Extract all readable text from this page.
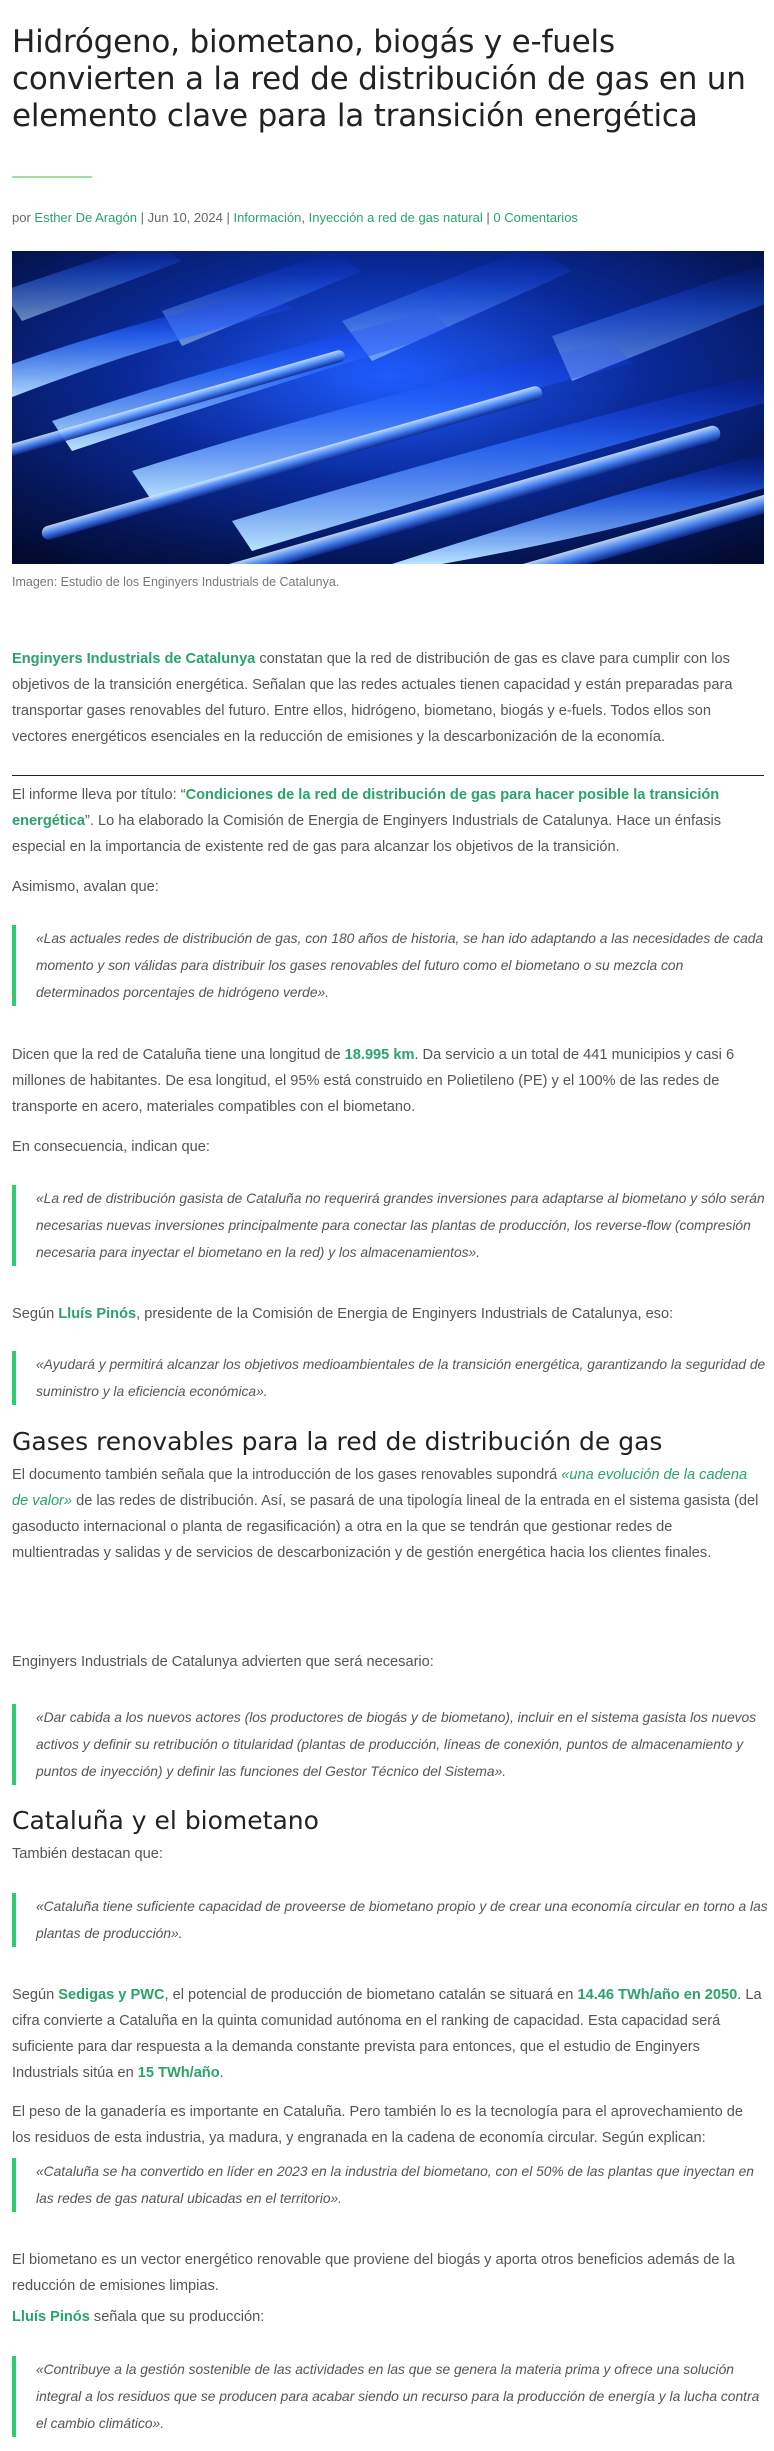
Hidrógeno, biometano, biogás y e-fuels convierten a la red de distribución de gas en un elemento clave para la transición energética
por Esther De Aragón | Jun 10, 2024 | Información, Inyección a red de gas natural | 0 Comentarios
Imagen: Estudio de los Enginyers Industrials de Catalunya.

Enginyers Industrials de Catalunya constatan que la red de distribución de gas es clave para cumplir con los objetivos de la transición energética. Señalan que las redes actuales tienen capacidad y están preparadas para transportar gases renovables del futuro. Entre ellos, hidrógeno, biometano, biogás y e-fuels. Todos ellos son vectores energéticos esenciales en la reducción de emisiones y la descarbonización de la economía.

El informe lleva por título: “Condiciones de la red de distribución de gas para hacer posible la transición energética”. Lo ha elaborado la Comisión de Energia de Enginyers Industrials de Catalunya. Hace un énfasis especial en la importancia de existente red de gas para alcanzar los objetivos de la transición.

Asimismo, avalan que:

«Las actuales redes de distribución de gas, con 180 años de historia, se han ido adaptando a las necesidades de cada momento y son válidas para distribuir los gases renovables del futuro como el biometano o su mezcla con determinados porcentajes de hidrógeno verde».

Dicen que la red de Cataluña tiene una longitud de 18.995 km. Da servicio a un total de 441 municipios y casi 6 millones de habitantes. De esa longitud, el 95% está construido en Polietileno (PE) y el 100% de las redes de transporte en acero, materiales compatibles con el biometano.

En consecuencia, indican que:

«La red de distribución gasista de Cataluña no requerirá grandes inversiones para adaptarse al biometano y sólo serán necesarias nuevas inversiones principalmente para conectar las plantas de producción, los reverse-flow (compresión necesaria para inyectar el biometano en la red) y los almacenamientos».

Según Lluís Pinós, presidente de la Comisión de Energia de Enginyers Industrials de Catalunya, eso:

«Ayudará y permitirá alcanzar los objetivos medioambientales de la transición energética, garantizando la seguridad de suministro y la eficiencia económica».

Gases renovables para la red de distribución de gas

El documento también señala que la introducción de los gases renovables supondrá «una evolución de la cadena de valor» de las redes de distribución. Así, se pasará de una tipología lineal de la entrada en el sistema gasista (del gasoducto internacional o planta de regasificación) a otra en la que se tendrán que gestionar redes de multientradas y salidas y de servicios de descarbonización y de gestión energética hacia los clientes finales.

Enginyers Industrials de Catalunya advierten que será necesario:

«Dar cabida a los nuevos actores (los productores de biogás y de biometano), incluir en el sistema gasista los nuevos activos y definir su retribución o titularidad (plantas de producción, líneas de conexión, puntos de almacenamiento y puntos de inyección) y definir las funciones del Gestor Técnico del Sistema».

Cataluña y el biometano

También destacan que:

«Cataluña tiene suficiente capacidad de proveerse de biometano propio y de crear una economía circular en torno a las plantas de producción».

Según Sedigas y PWC, el potencial de producción de biometano catalán se situará en 14.46 TWh/año en 2050. La cifra convierte a Cataluña en la quinta comunidad autónoma en el ranking de capacidad. Esta capacidad será suficiente para dar respuesta a la demanda constante prevista para entonces, que el estudio de Enginyers Industrials sitúa en 15 TWh/año.

El peso de la ganadería es importante en Cataluña. Pero también lo es la tecnología para el aprovechamiento de los residuos de esta industria, ya madura, y engranada en la cadena de economía circular. Según explican:

«Cataluña se ha convertido en líder en 2023 en la industria del biometano, con el 50% de las plantas que inyectan en las redes de gas natural ubicadas en el territorio».

El biometano es un vector energético renovable que proviene del biogás y aporta otros beneficios además de la reducción de emisiones limpias.

Lluís Pinós señala que su producción:

«Contribuye a la gestión sostenible de las actividades en las que se genera la materia prima y ofrece una solución integral a los residuos que se producen para acabar siendo un recurso para la producción de energía y la lucha contra el cambio climático».
